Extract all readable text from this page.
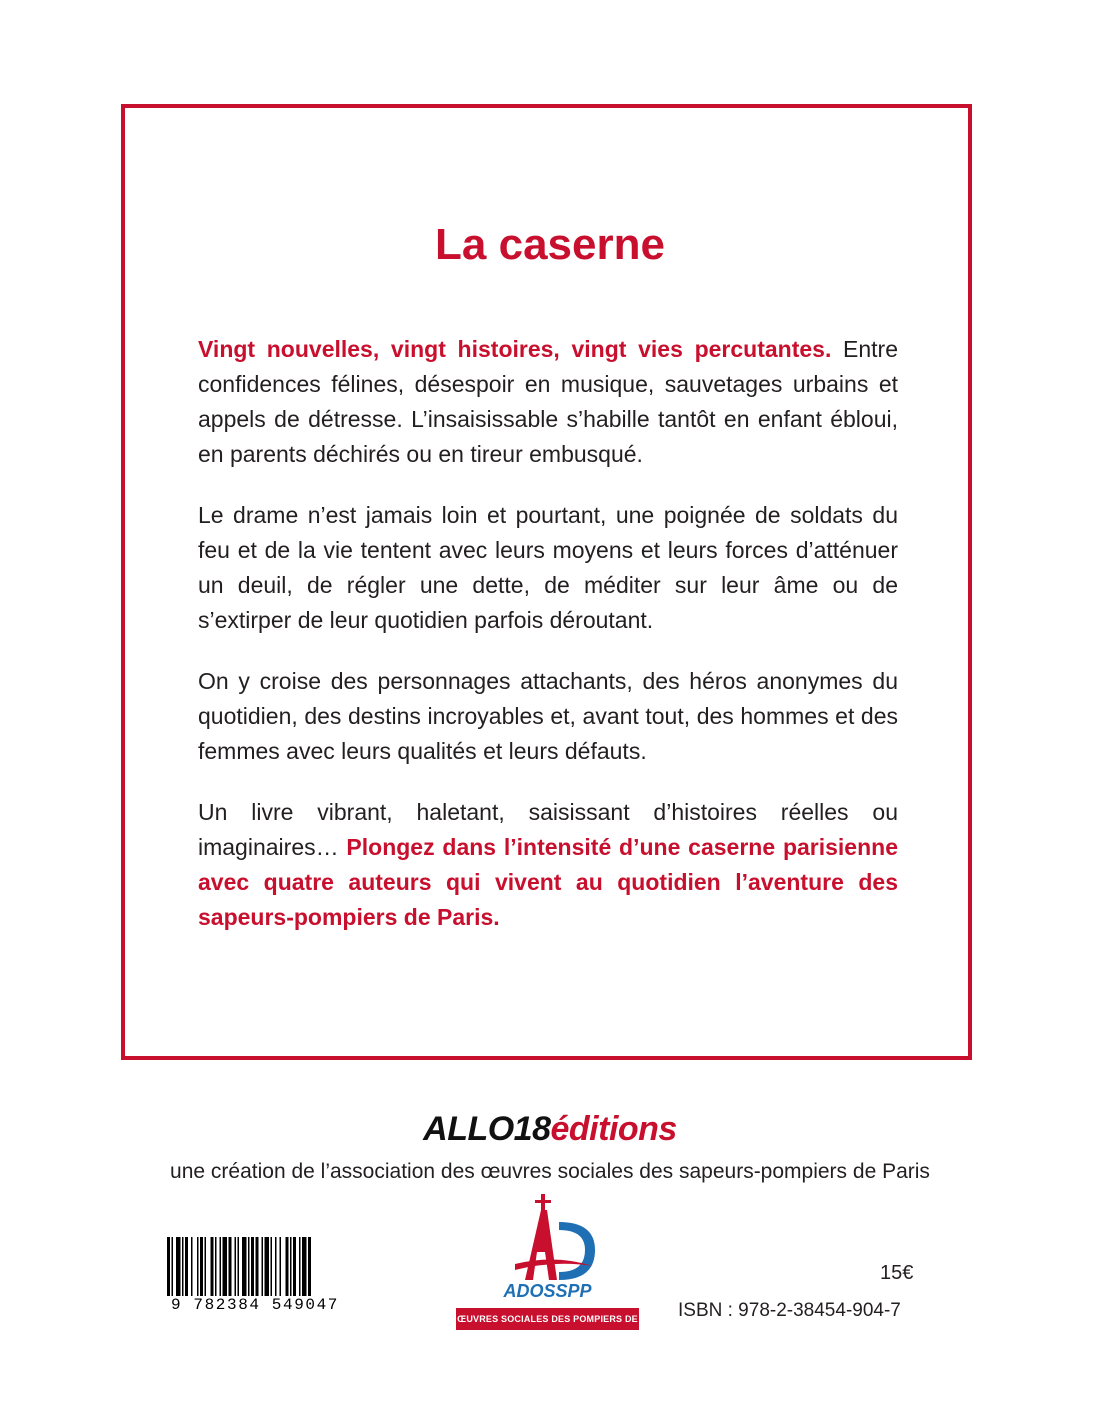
La caserne

Vingt nouvelles, vingt histoires, vingt vies percutantes. Entre confidences félines, désespoir en musique, sauvetages urbains et appels de détresse. L’insaisissable s’habille tantôt en enfant ébloui, en parents déchirés ou en tireur embusqué.

Le drame n’est jamais loin et pourtant, une poignée de soldats du feu et de la vie tentent avec leurs moyens et leurs forces d’atténuer un deuil, de régler une dette, de méditer sur leur âme ou de s’extirper de leur quotidien parfois déroutant.

On y croise des personnages attachants, des héros anonymes du quotidien, des destins incroyables et, avant tout, des hommes et des femmes avec leurs qualités et leurs défauts.

Un livre vibrant, haletant, saisissant d’histoires réelles ou imaginaires… Plongez dans l’intensité d’une caserne parisienne avec quatre auteurs qui vivent au quotidien l’aventure des sapeurs-pompiers de Paris.

ALLO18éditions
une création de l’association des œuvres sociales des sapeurs-pompiers de Paris
9 782384 549047
ADOSSPP
ŒUVRES SOCIALES DES POMPIERS DE PARIS
15€
ISBN : 978-2-38454-904-7
